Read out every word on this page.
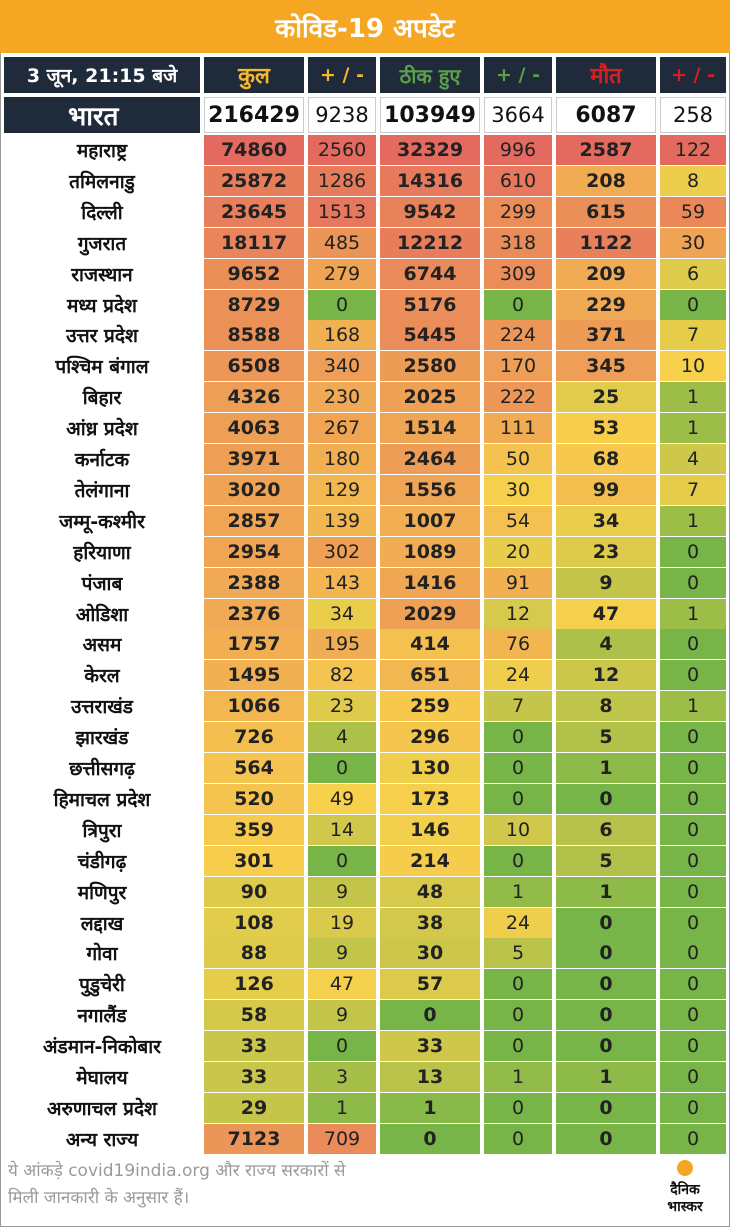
कोविड-19 अपडेट
3 जून, 21:15 बजे	कुल	+ / -	ठीक हुए	+ / -	मौत	+ / -
भारत	216429 9238 103949 3664	6087	258
महाराष्ट्र	74860	2560	32329	996	2587	122
तमिलनाडु	25872	1286	14316	610	208	8
दिल्ली	23645	1513	9542	299	615	59
गुजरात	18117	485	12212	318	1122	30
राजस्थान	9652	279	6744	309	209	6
मध्य प्रदेश	8729	0	5176	0	229	0
उत्तर प्रदेश	8588	168	5445	224	371	7
पश्चिम बंगाल	6508	340	2580	170	345	10
बिहार	4326	230	2025	222	25	1
आंध्र प्रदेश	4063	267	1514	111	53	1
कर्नाटक	3971	180	2464	50	68	4
तेलंगाना	3020	129	1556	30	99	7
जम्मू-कश्मीर	2857	139	1007	54	34	1
हरियाणा	2954	302	1089	20	23	0
पंजाब	2388	143	1416	91	9	0
ओडिशा	2376	34	2029	12	47	1
असम	1757	195	414	76	4	0
केरल	1495	82	651	24	12	0
उत्तराखंड	1066	23	259	7	8	1
झारखंड	726	4	296	0	5	0
छत्तीसगढ़	564	0	130	0	1	0
हिमाचल प्रदेश	520	49	173	0	0	0
त्रिपुरा	359	14	146	10	6	0
चंडीगढ़	301	0	214	0	5	0
मणिपुर	90	9	48	1	1	0
लद्दाख	108	19	38	24	0	0
गोवा	88	9	30	5	0	0
पुडुचेरी	126	47	57	0	0	0
नगालैंड	58	9	0	0	0	0
अंडमान-निकोबार	33	0	33	0	0	0
मेघालय	33	3	13	1	1	0
अरुणाचल प्रदेश	29	1	1	0	0	0
अन्य राज्य	7123	709	0	0	0	0
ये आंकड़े covid19india.org और राज्य सरकारों से
मिली जानकारी के अनुसार हैं।	दैनिक
भास्कर
